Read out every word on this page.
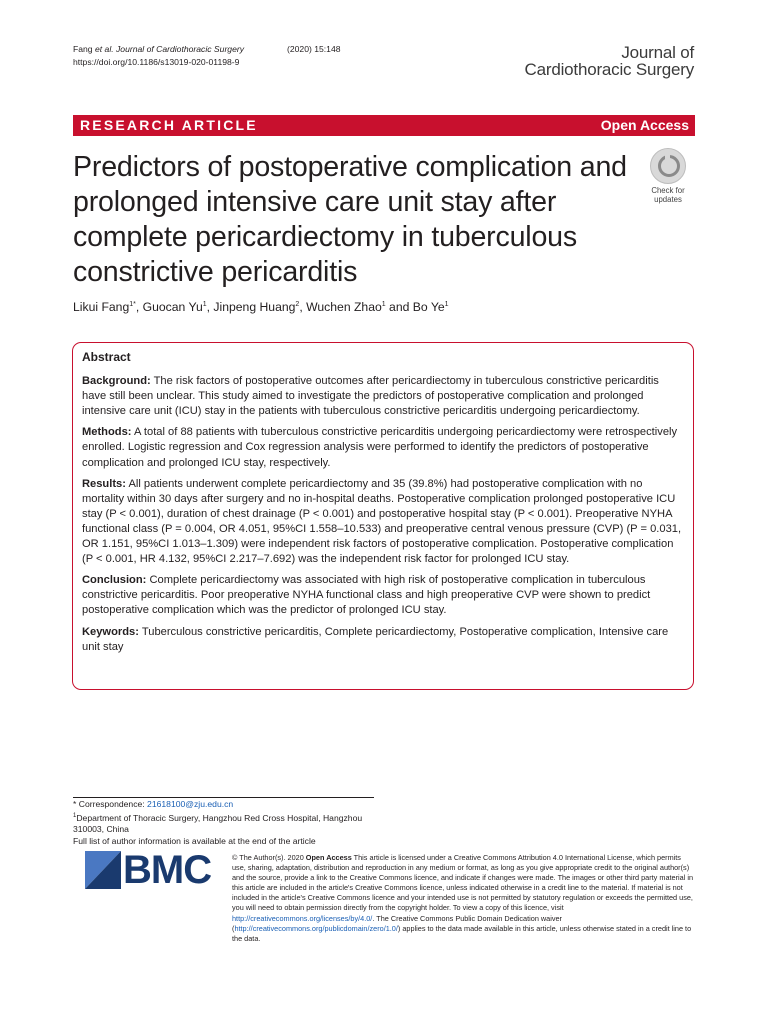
Fang et al. Journal of Cardiothoracic Surgery	(2020) 15:148
https://doi.org/10.1186/s13019-020-01198-9	Journal of
Cardiothoracic Surgery
RESEARCH ARTICLE	Open Access
Predictors of postoperative complication and prolonged intensive care unit stay after complete pericardiectomy in tuberculous constrictive pericarditis
Check for
updates
Likui Fang$^{1*}$, Guocan Yu$^1$, Jinpeng Huang$^2$, Wuchen Zhao$^1$ and Bo Ye$^1$
Abstract

Background: The risk factors of postoperative outcomes after pericardiectomy in tuberculous constrictive pericarditis have still been unclear. This study aimed to investigate the predictors of postoperative complication and prolonged intensive care unit (ICU) stay in the patients with tuberculous constrictive pericarditis undergoing pericardiectomy.

Methods: A total of 88 patients with tuberculous constrictive pericarditis undergoing pericardiectomy were retrospectively enrolled. Logistic regression and Cox regression analysis were performed to identify the predictors of postoperative complication and prolonged ICU stay, respectively.

Results: All patients underwent complete pericardiectomy and 35 (39.8%) had postoperative complication with no mortality within 30 days after surgery and no in-hospital deaths. Postoperative complication prolonged postoperative ICU stay (P < 0.001), duration of chest drainage (P < 0.001) and postoperative hospital stay (P < 0.001). Preoperative NYHA functional class (P = 0.004, OR 4.051, 95%CI 1.558–10.533) and preoperative central venous pressure (CVP) (P = 0.031, OR 1.151, 95%CI 1.013–1.309) were independent risk factors of postoperative complication. Postoperative complication (P < 0.001, HR 4.132, 95%CI 2.217–7.692) was the independent risk factor for prolonged ICU stay.

Conclusion: Complete pericardiectomy was associated with high risk of postoperative complication in tuberculous constrictive pericarditis. Poor preoperative NYHA functional class and high preoperative CVP were shown to predict postoperative complication which was the predictor of prolonged ICU stay.

Keywords: Tuberculous constrictive pericarditis, Complete pericardiectomy, Postoperative complication, Intensive care unit stay

* Correspondence: 21618100@zju.edu.cn
$^1$Department of Thoracic Surgery, Hangzhou Red Cross Hospital, Hangzhou 310003, China
Full list of author information is available at the end of the article
BMC	© The Author(s). 2020 Open Access This article is licensed under a Creative Commons Attribution 4.0 International License, which permits use, sharing, adaptation, distribution and reproduction in any medium or format, as long as you give appropriate credit to the original author(s) and the source, provide a link to the Creative Commons licence, and indicate if changes were made. The images or other third party material in this article are included in the article's Creative Commons licence, unless indicated otherwise in a credit line to the material. If material is not included in the article's Creative Commons licence and your intended use is not permitted by statutory regulation or exceeds the permitted use, you will need to obtain permission directly from the copyright holder. To view a copy of this licence, visit http://creativecommons.org/licenses/by/4.0/. The Creative Commons Public Domain Dedication waiver (http://creativecommons.org/publicdomain/zero/1.0/) applies to the data made available in this article, unless otherwise stated in a credit line to the data.
